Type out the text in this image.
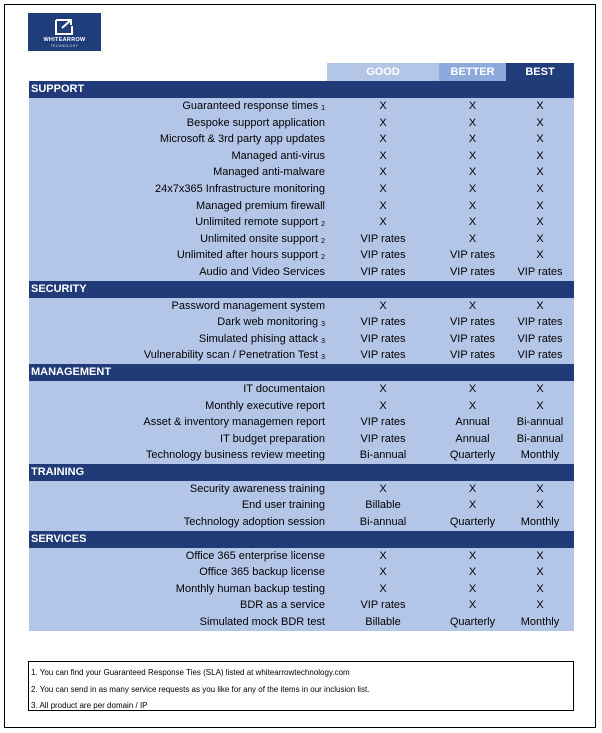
WHITEARROW
TECHNOLOGY
GOOD	BETTER	BEST
SUPPORT
Guaranteed response times $_1$	X	X	X
Bespoke support application	X	X	X
Microsoft & 3rd party app updates	X	X	X
Managed anti-virus	X	X	X
Managed anti-malware	X	X	X
24x7x365 Infrastructure monitoring	X	X	X
Managed premium firewall	X	X	X
Unlimited remote support $_2$	X	X	X
Unlimited onsite support $_2$	VIP rates	X	X
Unlimited after hours support $_2$	VIP rates	VIP rates	X
Audio and Video Services	VIP rates	VIP rates	VIP rates
SECURITY
Password management system	X	X	X
Dark web monitoring $_3$	VIP rates	VIP rates	VIP rates
Simulated phising attack $_3$	VIP rates	VIP rates	VIP rates
Vulnerability scan / Penetration Test $_3$	VIP rates	VIP rates	VIP rates
MANAGEMENT
IT documentaion	X	X	X
Monthly executive report	X	X	X
Asset & inventory managemen report	VIP rates	Annual	Bi-annual
IT budget preparation	VIP rates	Annual	Bi-annual
Technology business review meeting	Bi-annual	Quarterly	Monthly
TRAINING
Security awareness training	X	X	X
End user training	Billable	X	X
Technology adoption session	Bi-annual	Quarterly	Monthly
SERVICES
Office 365 enterprise license	X	X	X
Office 365 backup license	X	X	X
Monthly human backup testing	X	X	X
BDR as a service	VIP rates	X	X
Simulated mock BDR test	Billable	Quarterly	Monthly
1. You can find your Guaranteed Response Ties (SLA) listed at whitearrowtechnology.com
2. You can send in as many service requests as you like for any of the items in our inclusion list.
3. All product are per domain / IP
